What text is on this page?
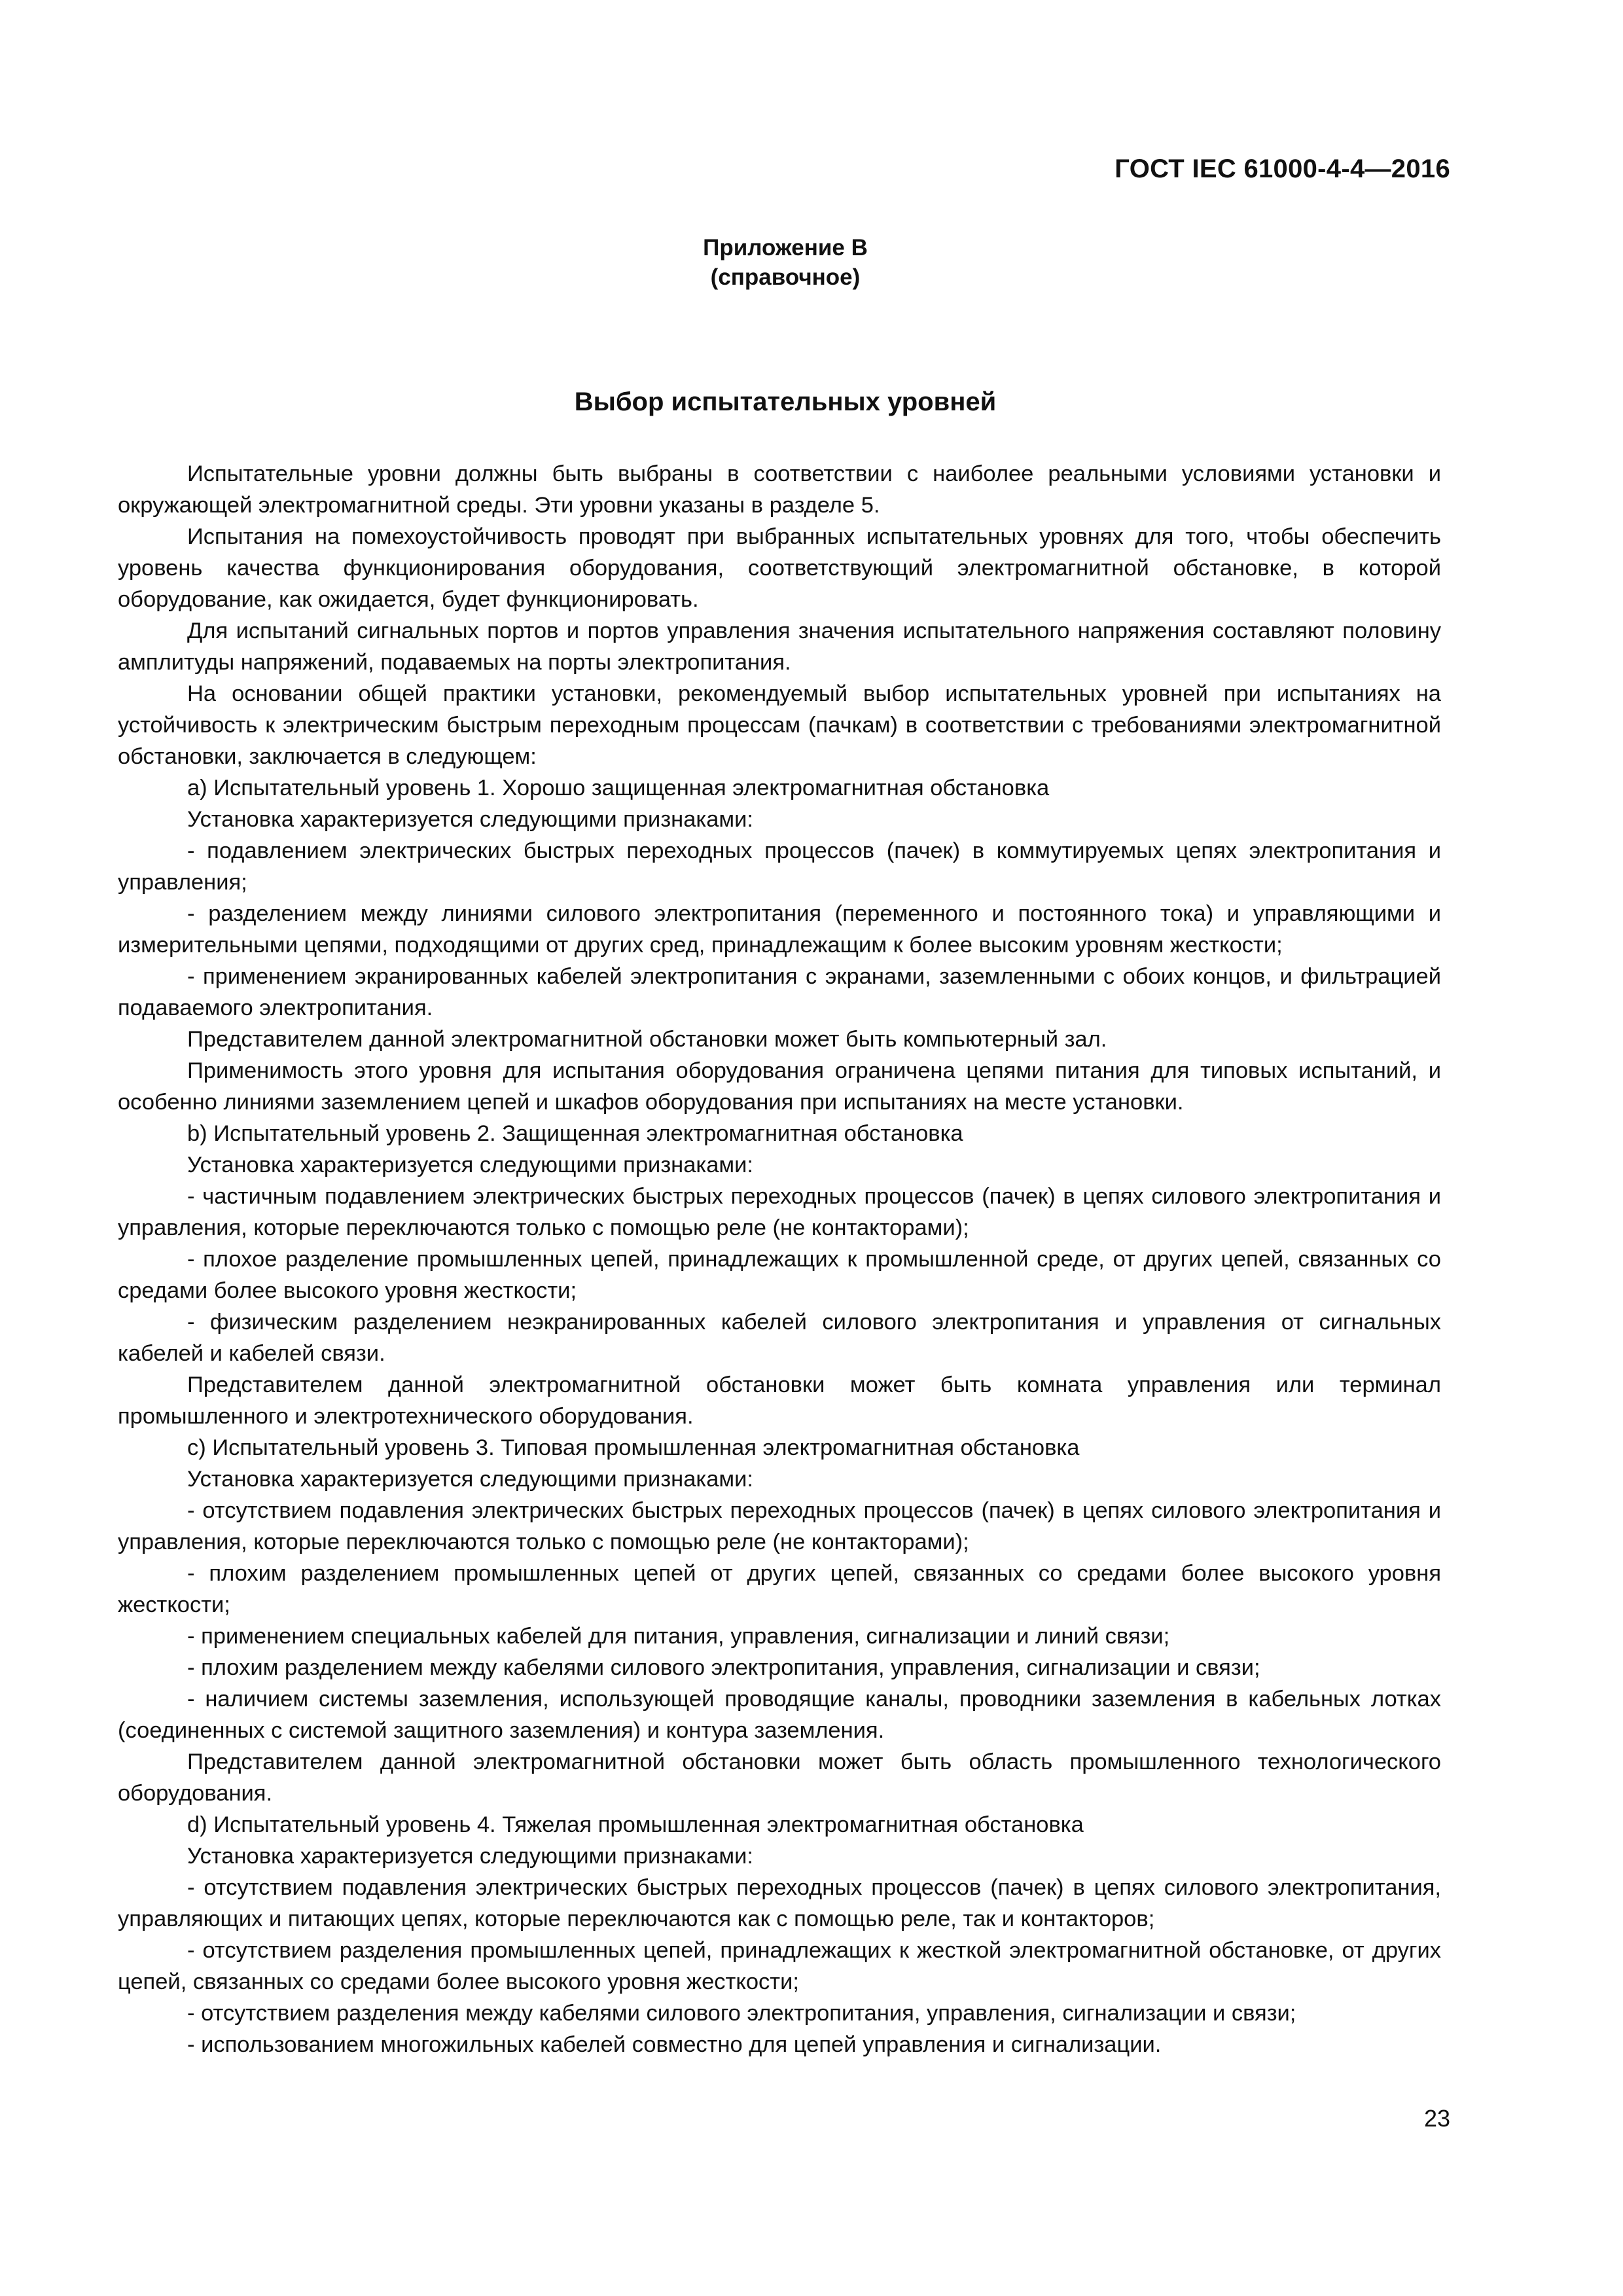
ГОСТ IEC 61000-4-4—2016
Приложение В
(справочное)
Выбор испытательных уровней

Испытательные уровни должны быть выбраны в соответствии с наиболее реальными условиями установки и окружающей электромагнитной среды. Эти уровни указаны в разделе 5.

Испытания на помехоустойчивость проводят при выбранных испытательных уровнях для того, чтобы обеспечить уровень качества функционирования оборудования, соответствующий электромагнитной обстановке, в которой оборудование, как ожидается, будет функционировать.

Для испытаний сигнальных портов и портов управления значения испытательного напряжения составляют половину амплитуды напряжений, подаваемых на порты электропитания.

На основании общей практики установки, рекомендуемый выбор испытательных уровней при испытаниях на устойчивость к электрическим быстрым переходным процессам (пачкам) в соответствии с требованиями электромагнитной обстановки, заключается в следующем:

a) Испытательный уровень 1. Хорошо защищенная электромагнитная обстановка

Установка характеризуется следующими признаками:

- подавлением электрических быстрых переходных процессов (пачек) в коммутируемых цепях электропитания и управления;

- разделением между линиями силового электропитания (переменного и постоянного тока) и управляющими и измерительными цепями, подходящими от других сред, принадлежащим к более высоким уровням жесткости;

- применением экранированных кабелей электропитания с экранами, заземленными с обоих концов, и фильтрацией подаваемого электропитания.

Представителем данной электромагнитной обстановки может быть компьютерный зал.

Применимость этого уровня для испытания оборудования ограничена цепями питания для типовых испытаний, и особенно линиями заземлением цепей и шкафов оборудования при испытаниях на месте установки.

b) Испытательный уровень 2. Защищенная электромагнитная обстановка

Установка характеризуется следующими признаками:

- частичным подавлением электрических быстрых переходных процессов (пачек) в цепях силового электропитания и управления, которые переключаются только с помощью реле (не контакторами);

- плохое разделение промышленных цепей, принадлежащих к промышленной среде, от других цепей, связанных со средами более высокого уровня жесткости;

- физическим разделением неэкранированных кабелей силового электропитания и управления от сигнальных кабелей и кабелей связи.

Представителем данной электромагнитной обстановки может быть комната управления или терминал промышленного и электротехнического оборудования.

c) Испытательный уровень 3. Типовая промышленная электромагнитная обстановка

Установка характеризуется следующими признаками:

- отсутствием подавления электрических быстрых переходных процессов (пачек) в цепях силового электропитания и управления, которые переключаются только с помощью реле (не контакторами);

- плохим разделением промышленных цепей от других цепей, связанных со средами более высокого уровня жесткости;

- применением специальных кабелей для питания, управления, сигнализации и линий связи;

- плохим разделением между кабелями силового электропитания, управления, сигнализации и связи;

- наличием системы заземления, использующей проводящие каналы, проводники заземления в кабельных лотках (соединенных с системой защитного заземления) и контура заземления.

Представителем данной электромагнитной обстановки может быть область промышленного технологического оборудования.

d) Испытательный уровень 4. Тяжелая промышленная электромагнитная обстановка

Установка характеризуется следующими признаками:

- отсутствием подавления электрических быстрых переходных процессов (пачек) в цепях силового электропитания, управляющих и питающих цепях, которые переключаются как с помощью реле, так и контакторов;

- отсутствием разделения промышленных цепей, принадлежащих к жесткой электромагнитной обстановке, от других цепей, связанных со средами более высокого уровня жесткости;

- отсутствием разделения между кабелями силового электропитания, управления, сигнализации и связи;

- использованием многожильных кабелей совместно для цепей управления и сигнализации.

23
